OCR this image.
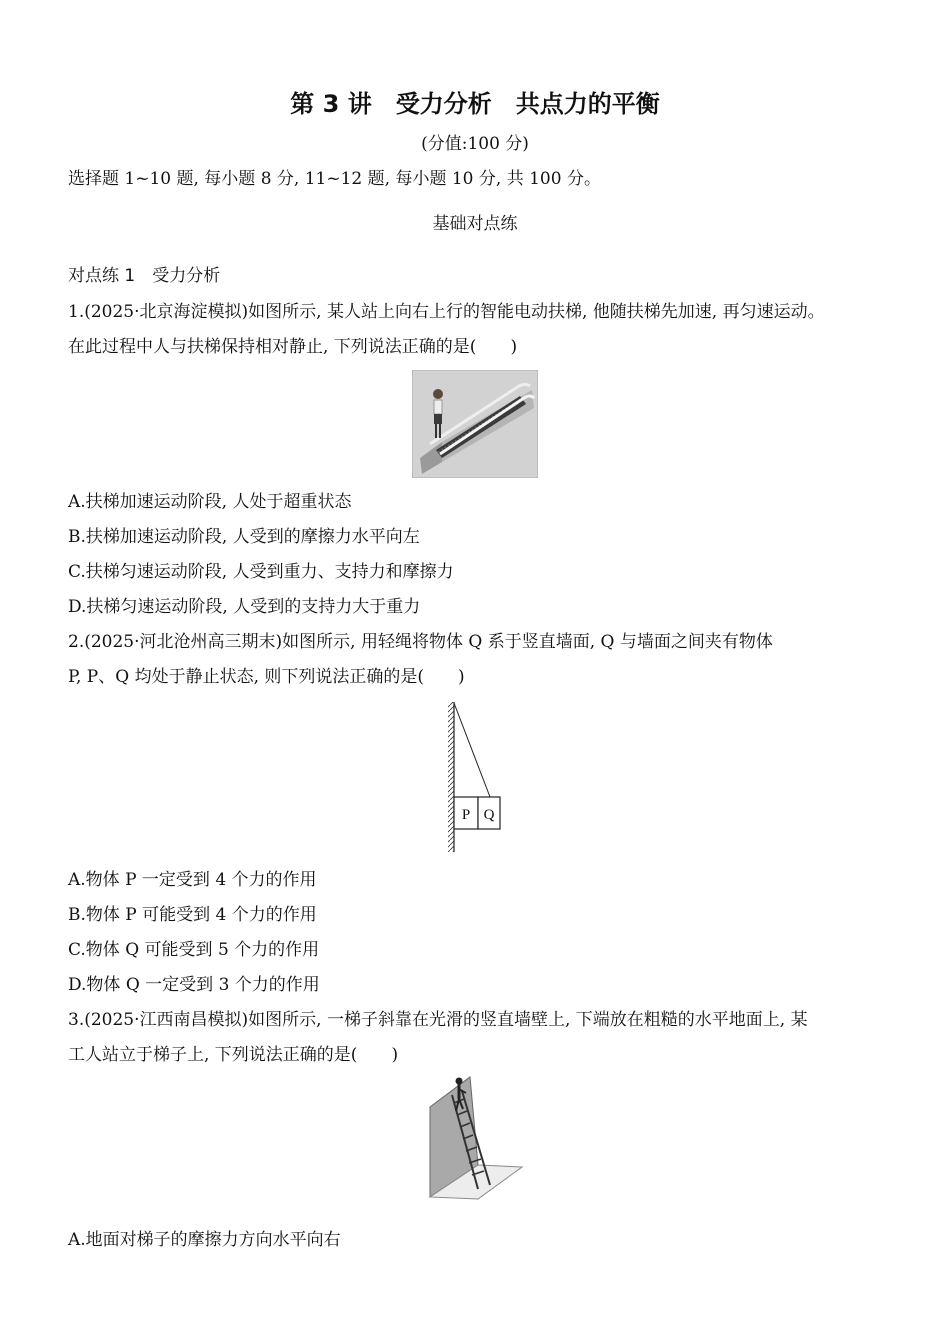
第 3 讲　受力分析　共点力的平衡
(分值:100 分)
选择题 1~10 题, 每小题 8 分, 11~12 题, 每小题 10 分, 共 100 分。
基础对点练
对点练 1　受力分析
1.(2025·北京海淀模拟)如图所示, 某人站上向右上行的智能电动扶梯, 他随扶梯先加速, 再匀速运动。
在此过程中人与扶梯保持相对静止, 下列说法正确的是(　　)
A.扶梯加速运动阶段, 人处于超重状态
B.扶梯加速运动阶段, 人受到的摩擦力水平向左
C.扶梯匀速运动阶段, 人受到重力、支持力和摩擦力
D.扶梯匀速运动阶段, 人受到的支持力大于重力
2.(2025·河北沧州高三期末)如图所示, 用轻绳将物体 Q 系于竖直墙面, Q 与墙面之间夹有物体
P, P、Q 均处于静止状态, 则下列说法正确的是(　　)
P Q
A.物体 P 一定受到 4 个力的作用
B.物体 P 可能受到 4 个力的作用
C.物体 Q 可能受到 5 个力的作用
D.物体 Q 一定受到 3 个力的作用
3.(2025·江西南昌模拟)如图所示, 一梯子斜靠在光滑的竖直墙壁上, 下端放在粗糙的水平地面上, 某
工人站立于梯子上, 下列说法正确的是(　　)
A.地面对梯子的摩擦力方向水平向右
